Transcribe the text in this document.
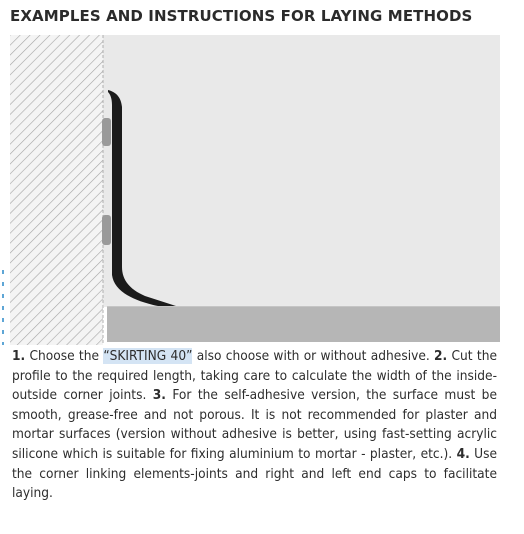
EXAMPLES AND INSTRUCTIONS FOR LAYING METHODS

1. Choose the “SKIRTING 40” also choose with or without adhesive. 2. Cut the profile to the required length, taking care to calculate the width of the inside-outside corner joints. 3. For the self-adhesive version, the surface must be smooth, grease-free and not porous. It is not recommended for plaster and mortar surfaces (version without adhesive is better, using fast-setting acrylic silicone which is suitable for fixing aluminium to mortar - plaster, etc.). 4. Use the corner linking elements-joints and right and left end caps to facilitate laying.
